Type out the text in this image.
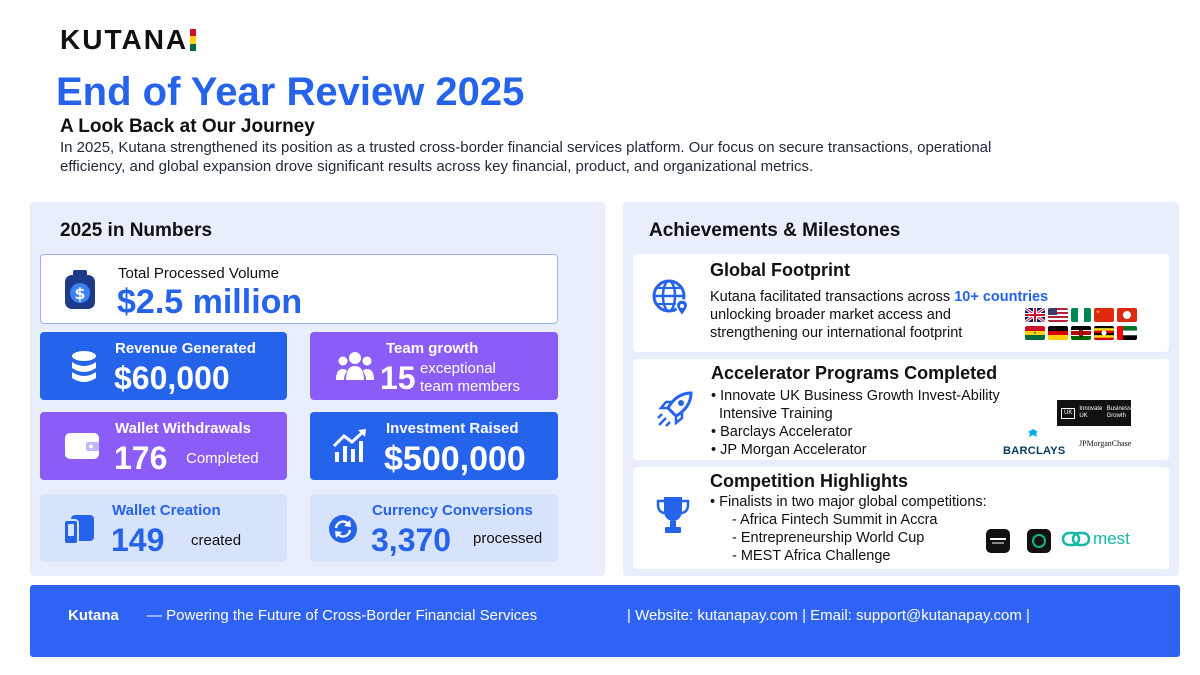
KUTANA
End of Year Review 2025
A Look Back at Our Journey
In 2025, Kutana strengthened its position as a trusted cross-border financial services platform. Our focus on secure transactions, operational efficiency, and global expansion drove significant results across key financial, product, and organizational metrics.
2025 in Numbers
$
Total Processed Volume
$2.5 million
Revenue Generated
$60,000
Team growth
15 exceptional
team members
Wallet Withdrawals
176 Completed
Investment Raised
$500,000
Wallet Creation
149 created
Currency Conversions
3,370 processed
Achievements & Milestones
Global Footprint
Kutana facilitated transactions across 10+ countries
unlocking broader market access and
strengthening our international footprint
Accelerator Programs Completed
• Innovate UK Business Growth Invest-Ability
Intensive Training
• Barclays Accelerator
• JP Morgan Accelerator
UK
Innovate UK
Business
Growth
BARCLAYS
JPMorganChase
Competition Highlights
• Finalists in two major global competitions:
- Africa Fintech Summit in Accra
- Entrepreneurship World Cup
- MEST Africa Challenge
mest
Kutana — Powering the Future of Cross-Border Financial Services	| Website: kutanapay.com | Email: support@kutanapay.com |
